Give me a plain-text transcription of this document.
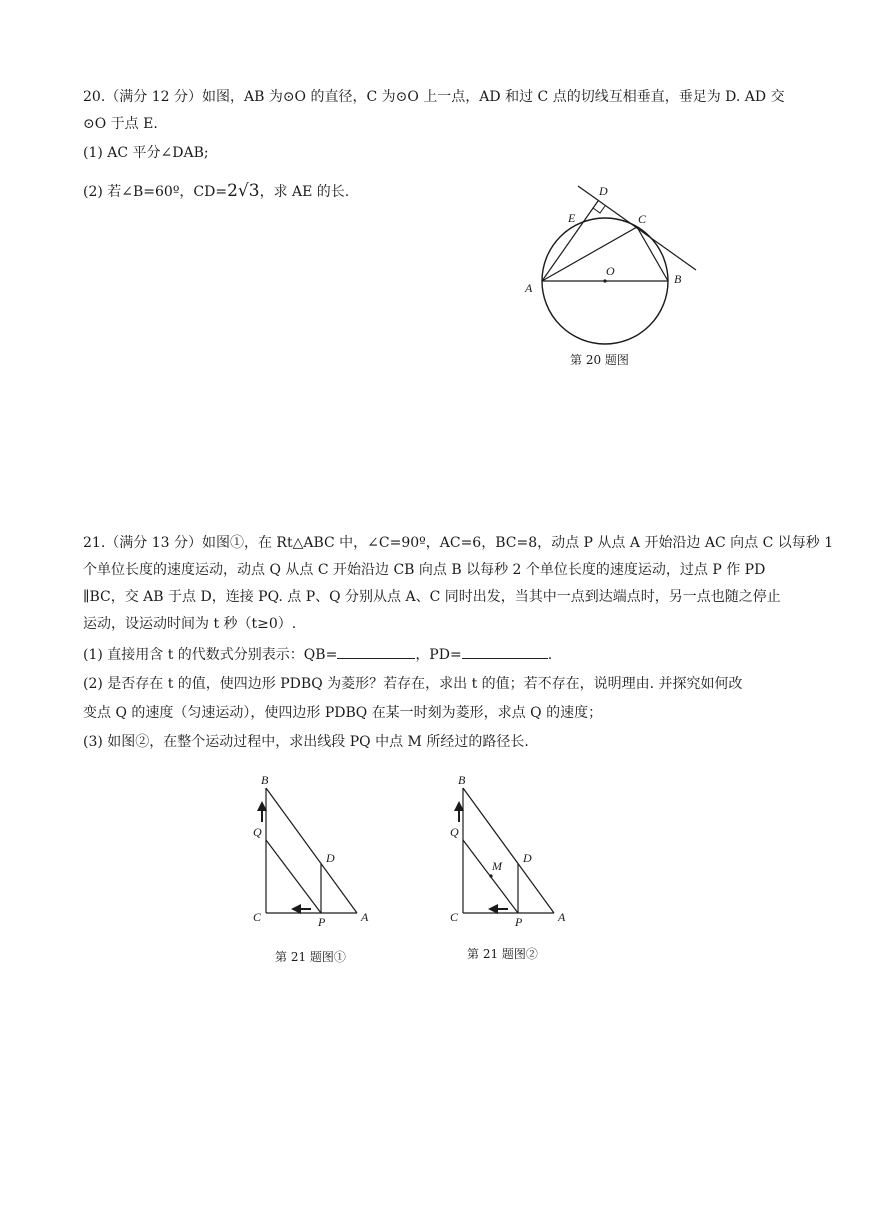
20.（满分 12 分）如图，AB 为⊙O 的直径，C 为⊙O 上一点，AD 和过 C 点的切线互相垂直，垂足为 D. AD 交
⊙O 于点 E.
(1) AC 平分∠DAB;
(2) 若∠B=60º，CD=2√3，求 AE 的长.	D
E	C
O
A
B
第 20 题图
21.（满分 13 分）如图①，在 Rt△ABC 中，∠C=90º，AC=6，BC=8，动点 P 从点 A 开始沿边 AC 向点 C 以每秒 1
个单位长度的速度运动，动点 Q 从点 C 开始沿边 CB 向点 B 以每秒 2 个单位长度的速度运动，过点 P 作 PD
∥BC，交 AB 于点 D，连接 PQ. 点 P、Q 分别从点 A、C 同时出发，当其中一点到达端点时，另一点也随之停止
运动，设运动时间为 t 秒（t≥0）.
(1) 直接用含 t 的代数式分别表示：QB=	，PD=	.
(2) 是否存在 t 的值，使四边形 PDBQ 为菱形？若存在，求出 t 的值；若不存在，说明理由. 并探究如何改
变点 Q 的速度（匀速运动），使四边形 PDBQ 在某一时刻为菱形，求点 Q 的速度；
(3) 如图②，在整个运动过程中，求出线段 PQ 中点 M 所经过的路径长.
B
Q
D
C	P	A
第 21 题图①
B
Q
M
D
C	P	A
第 21 题图②
